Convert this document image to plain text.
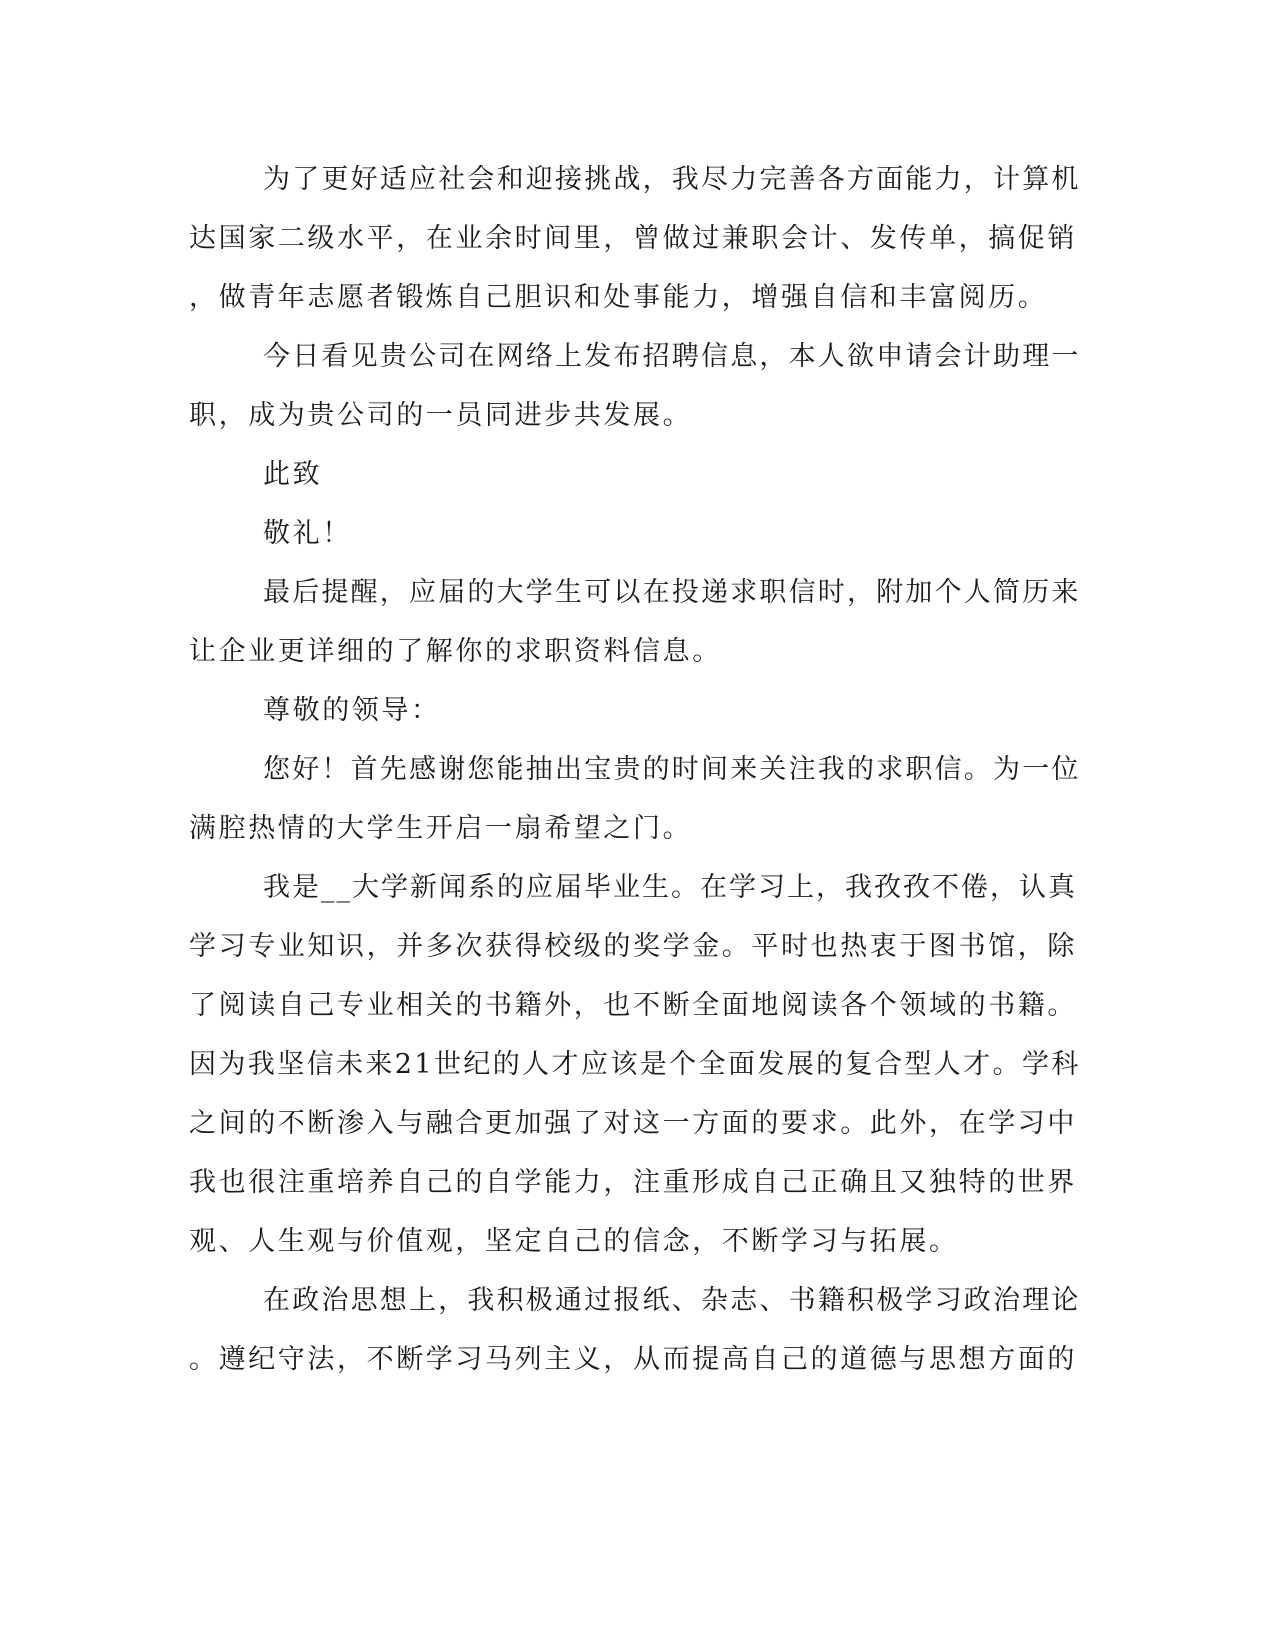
为了更好适应社会和迎接挑战，我尽力完善各方面能力，计算机
达国家二级水平，在业余时间里，曾做过兼职会计、发传单，搞促销
，做青年志愿者锻炼自己胆识和处事能力，增强自信和丰富阅历。
今日看见贵公司在网络上发布招聘信息，本人欲申请会计助理一
职，成为贵公司的一员同进步共发展。
此致
敬礼！
最后提醒，应届的大学生可以在投递求职信时，附加个人简历来
让企业更详细的了解你的求职资料信息。
尊敬的领导：
您好！首先感谢您能抽出宝贵的时间来关注我的求职信。为一位
满腔热情的大学生开启一扇希望之门。
我是__大学新闻系的应届毕业生。在学习上，我孜孜不倦，认真
学习专业知识，并多次获得校级的奖学金。平时也热衷于图书馆，除
了阅读自己专业相关的书籍外，也不断全面地阅读各个领域的书籍。
因为我坚信未来21世纪的人才应该是个全面发展的复合型人才。学科
之间的不断渗入与融合更加强了对这一方面的要求。此外，在学习中
我也很注重培养自己的自学能力，注重形成自己正确且又独特的世界
观、人生观与价值观，坚定自己的信念，不断学习与拓展。
在政治思想上，我积极通过报纸、杂志、书籍积极学习政治理论
。遵纪守法，不断学习马列主义，从而提高自己的道德与思想方面的
